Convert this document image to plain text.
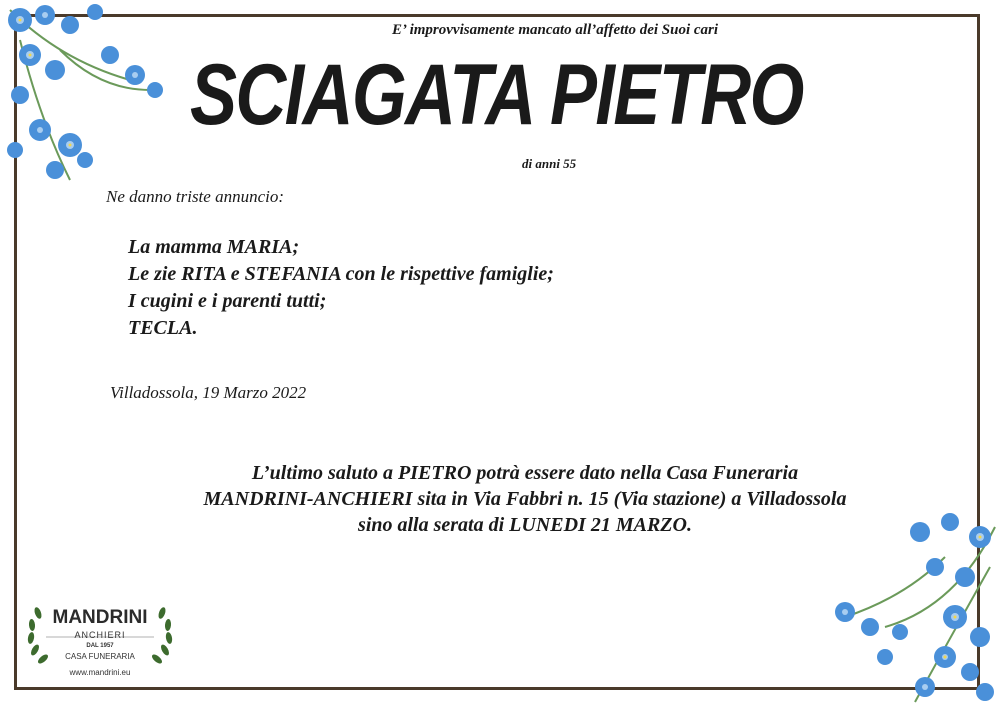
E’ improvvisamente mancato all’affetto dei Suoi cari
SCIAGATA PIETRO
di anni 55
Ne danno triste annuncio:
La mamma MARIA;
Le zie RITA e STEFANIA con le rispettive famiglie;
I cugini e i parenti tutti;
TECLA.
Villadossola, 19 Marzo 2022
L’ultimo saluto a PIETRO potrà essere dato nella Casa Funeraria
MANDRINI-ANCHIERI sita in Via Fabbri n. 15 (Via stazione) a Villadossola
sino alla serata di LUNEDI 21 MARZO.
MANDRINI
ANCHIERI
DAL 1957
CASA FUNERARIA
www.mandrini.eu
